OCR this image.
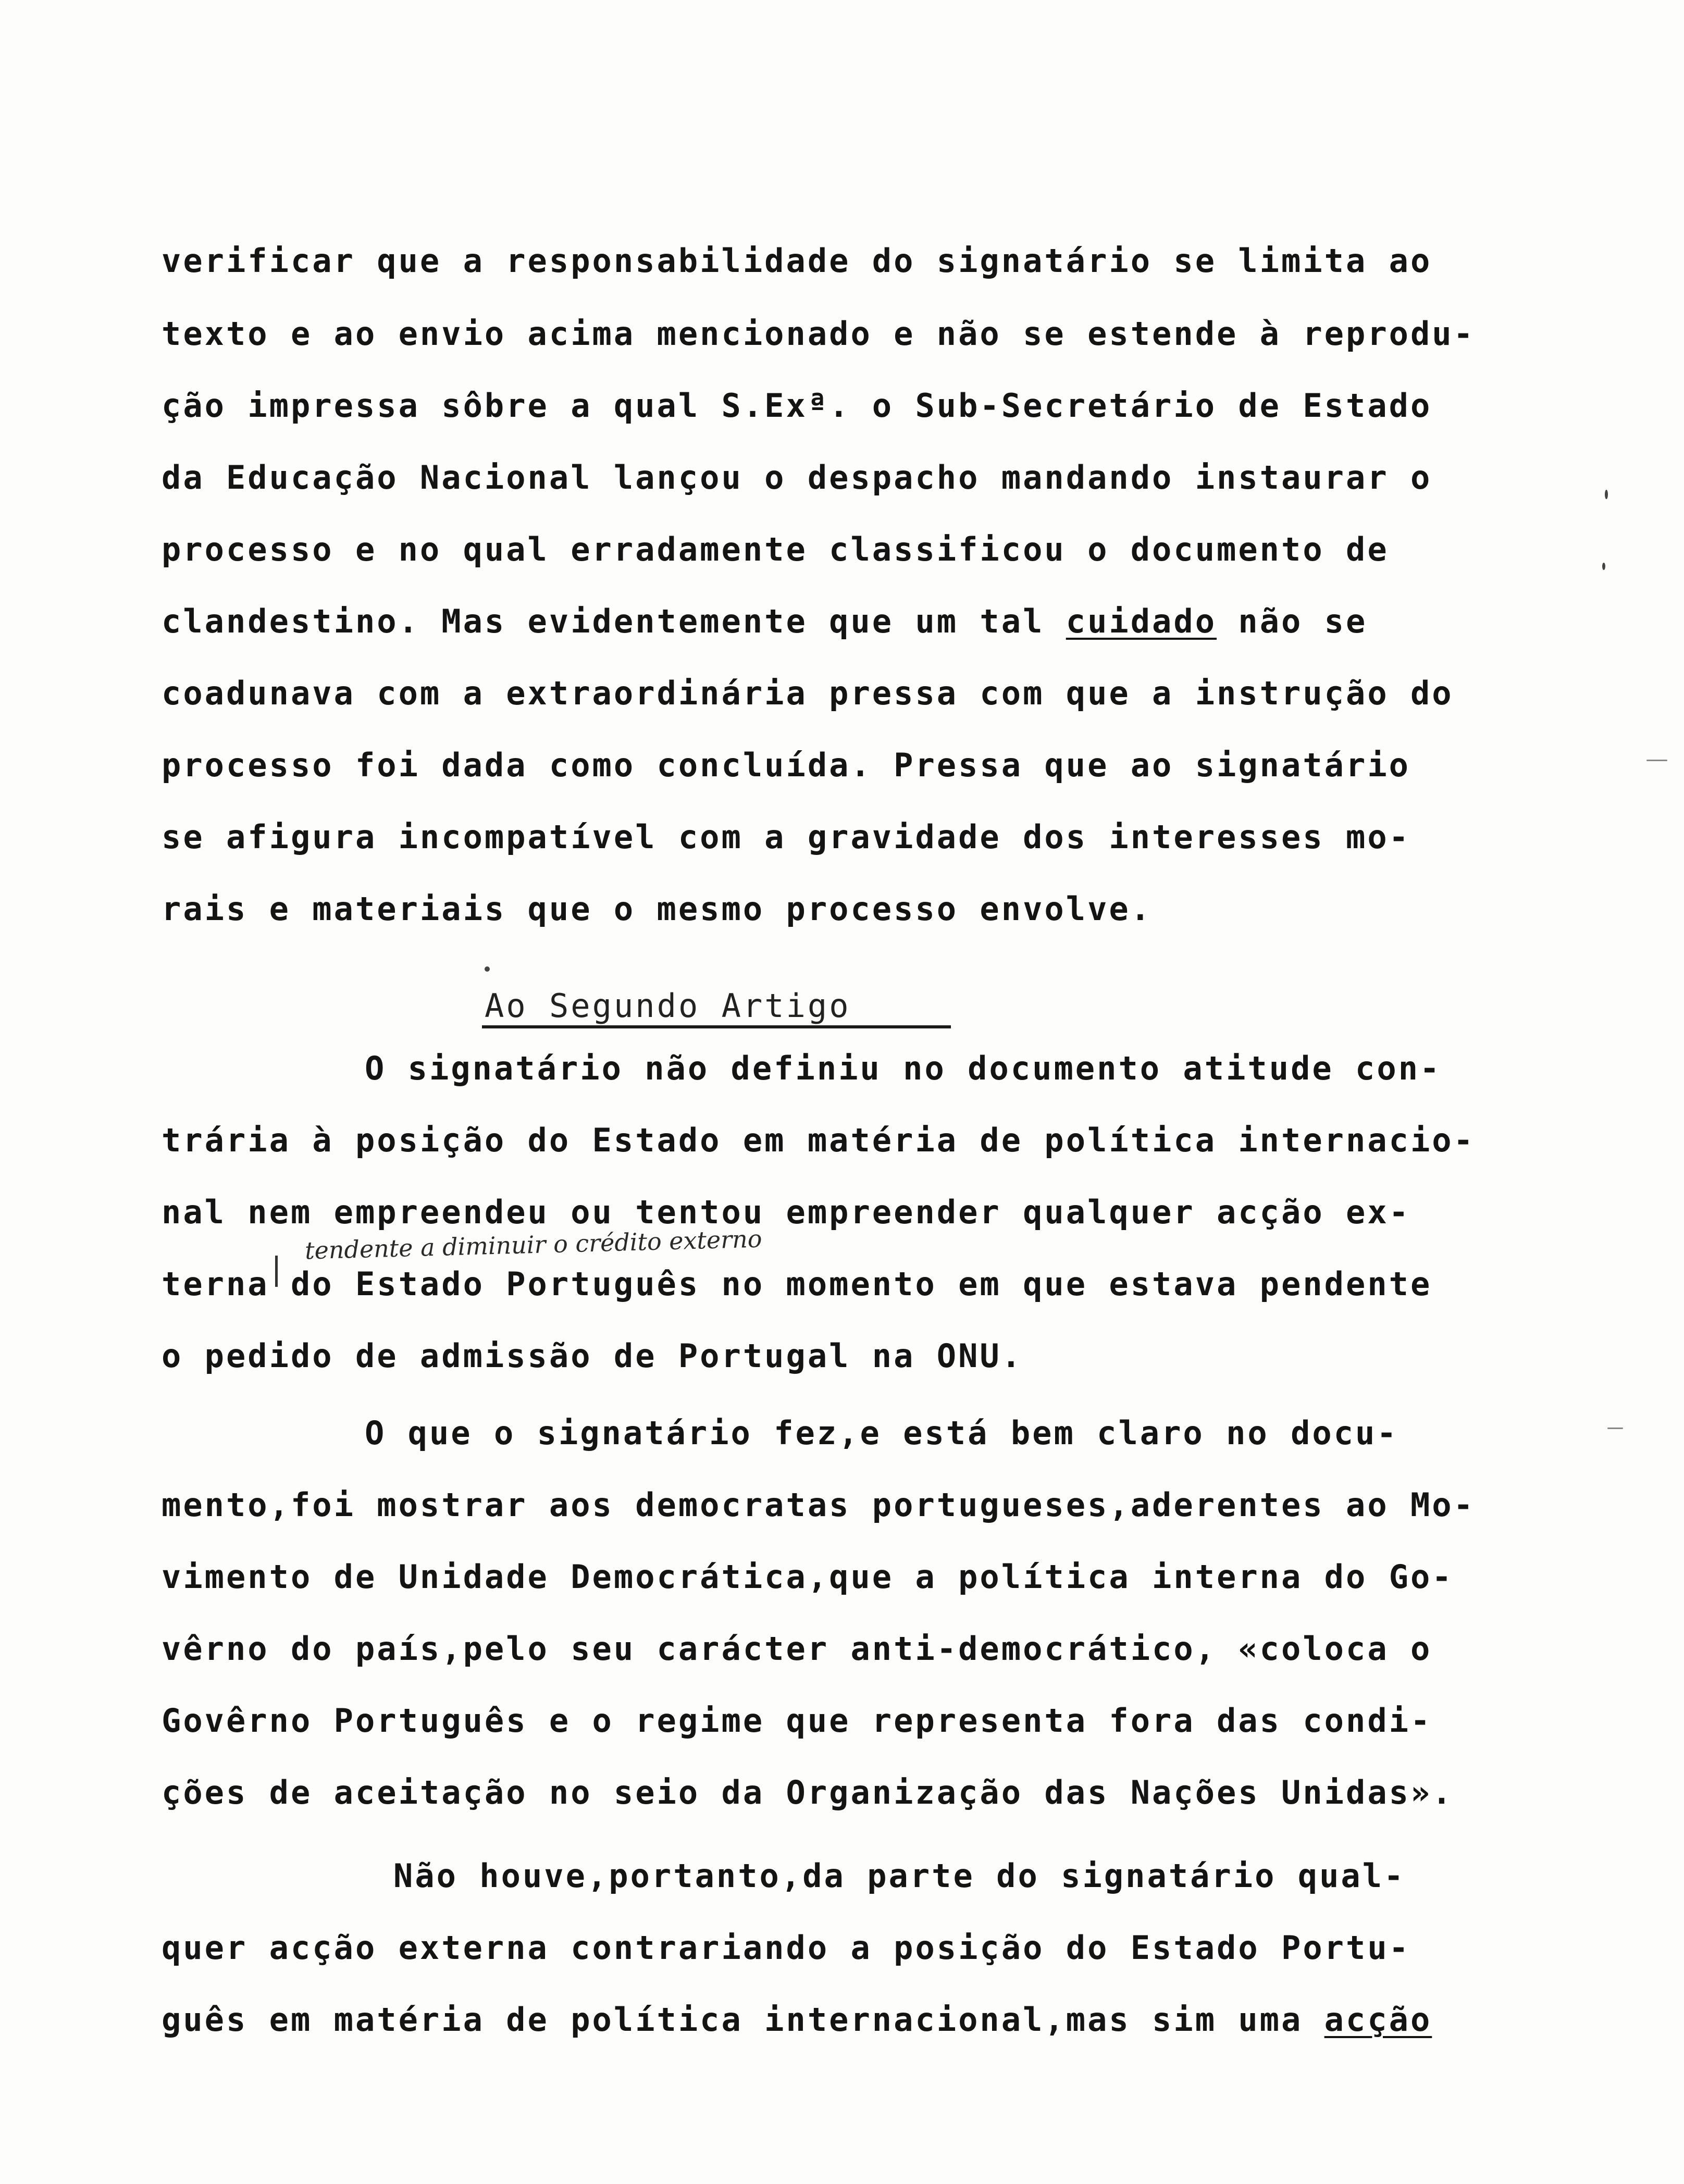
verificar que a responsabilidade do signatário se limita ao
texto e ao envio acima mencionado e não se estende à reprodu-
ção impressa sôbre a qual S.Exª. o Sub-Secretário de Estado
da Educação Nacional lançou o despacho mandando instaurar o
processo e no qual erradamente classificou o documento de
clandestino. Mas evidentemente que um tal cuidado não se
coadunava com a extraordinária pressa com que a instrução do
processo foi dada como concluída. Pressa que ao signatário
se afigura incompatível com a gravidade dos interesses mo-
rais e materiais que o mesmo processo envolve.
Ao Segundo Artigo
O signatário não definiu no documento atitude con-
trária à posição do Estado em matéria de política internacio-
nal nem empreendeu ou tentou empreender qualquer acção ex-
tendente a diminuir o crédito externo
terna do Estado Português no momento em que estava pendente
o pedido de admissão de Portugal na ONU.
O que o signatário fez,e está bem claro no docu-
mento,foi mostrar aos democratas portugueses,aderentes ao Mo-
vimento de Unidade Democrática,que a política interna do Go-
vêrno do país,pelo seu carácter anti-democrático, «coloca o
Govêrno Português e o regime que representa fora das condi-
ções de aceitação no seio da Organização das Nações Unidas».
Não houve,portanto,da parte do signatário qual-
quer acção externa contrariando a posição do Estado Portu-
guês em matéria de política internacional,mas sim uma acção
